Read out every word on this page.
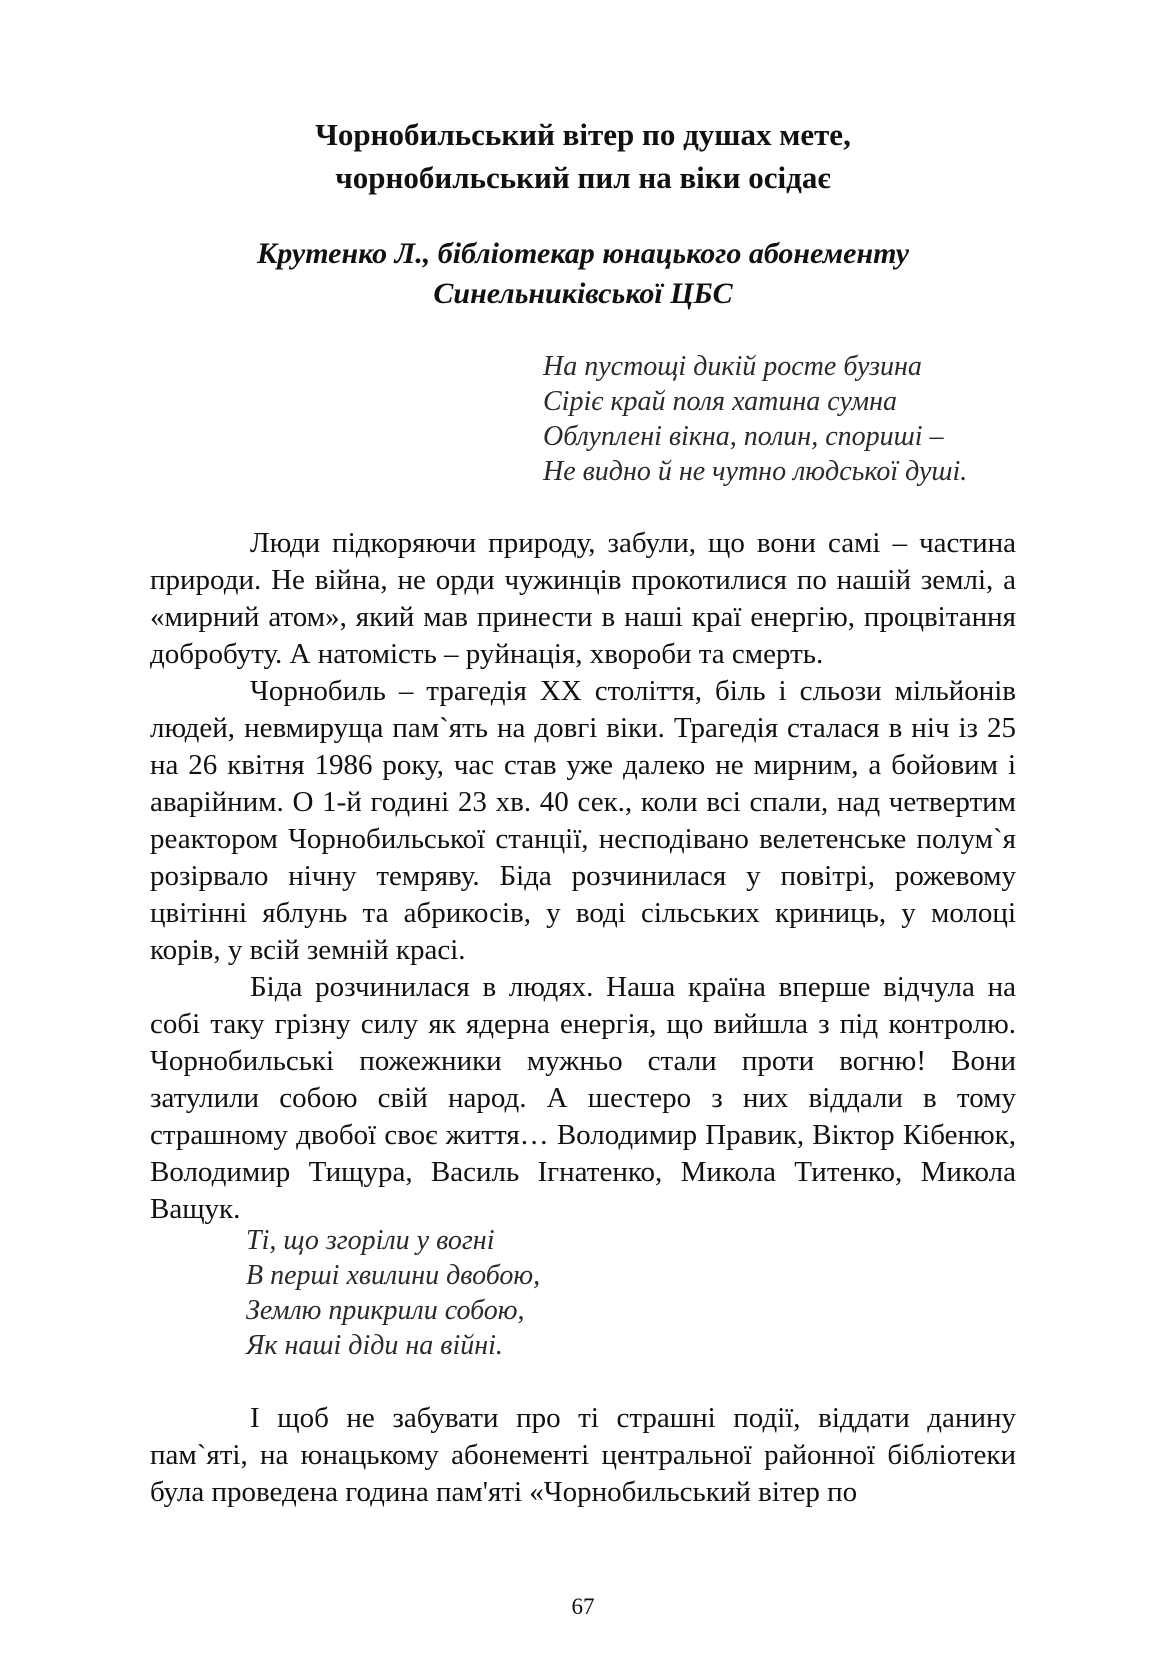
Чорнобильський вітер по душах мете,
чорнобильський пил на віки осідає
Крутенко Л., бібліотекар юнацького абонементу
Синельниківської ЦБС
На пустощі дикій росте бузина
Сіріє край поля хатина сумна
Облуплені вікна, полин, спориші –
Не видно й не чутно людської душі.

Люди підкоряючи природу, забули, що вони самі – частина природи. Не війна, не орди чужинців прокотилися по нашій землі, а «мирний атом», який мав принести в наші краї енергію, процвітання добробуту. А натомість – руйнація, хвороби та смерть.

Чорнобиль – трагедія ХХ століття, біль і сльози мільйонів людей, невмируща пам`ять на довгі віки. Трагедія сталася в ніч із 25 на 26 квітня 1986 року, час став уже далеко не мирним, а бойовим і аварійним. О 1-й годині 23 хв. 40 сек., коли всі спали, над четвертим реактором Чорнобильської станції, несподівано велетенське полум`я розірвало нічну темряву. Біда розчинилася у повітрі, рожевому цвітінні яблунь та абрикосів, у воді сільських криниць, у молоці корів, у всій земній красі.

Біда розчинилася в людях. Наша країна вперше відчула на собі таку грізну силу як ядерна енергія, що вийшла з під контролю. Чорнобильські пожежники мужньо стали проти вогню! Вони затулили собою свій народ. А шестеро з них віддали в тому страшному двобої своє життя… Володимир Правик, Віктор Кібенюк, Володимир Тищура, Василь Ігнатенко, Микола Титенко, Микола Ващук.

Ті, що згоріли у вогні
В перші хвилини двобою,
Землю прикрили собою,
Як наші діди на війні.

І щоб не забувати про ті страшні події, віддати данину пам`яті, на юнацькому абонементі центральної районної бібліотеки була проведена година пам'яті «Чорнобильський вітер по

67
